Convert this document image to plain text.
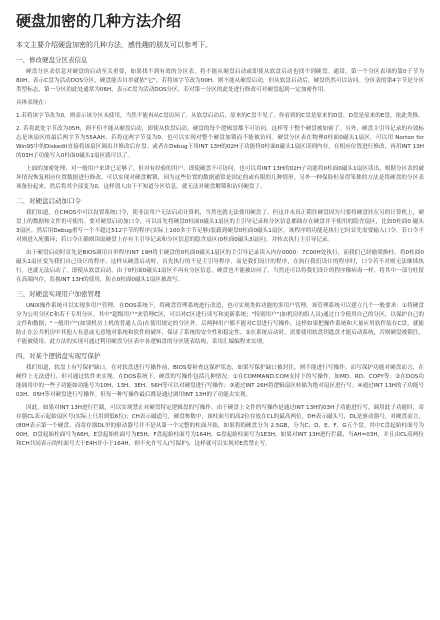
硬盘加密的几种方法介绍

本文主要介绍硬盘加密的几种方法，感性趣的朋友可以参考下。

一、修改硬盘分区表信息

硬盘分区表信息对硬盘的启动至关重要，如果找不到有效的分区表，将不能从硬盘启动或即使从软盘启动也找不到硬盘。通常，第一个分区表项的第0子节为80H，表示C盘为活动DOS分区，硬盘能否自举就依"它"。若将该字节改为00H，则不能从硬盘启动，但从软盘启动后，硬盘仍然可以访问。分区表的第4字节是分区类型标志，第一分区的此处通常为06H，表示C盘为活动DOS分区，若对第一分区的此处进行修改可对硬盘起到一定加密作用。

具体表现在：

1.若将该字节改为0，则表示该分区未使用，当然不能再从C盘访问了。从软盘启动后，原来的C盘不见了，你看到的C盘是原来的D盘，D盘是原来的E盘，依此类推。

2. 若将此处字节改为05H，则不但不能从硬盘启动，即使从软盘启动，硬盘的每个逻辑盘都不可访问，这样等于整个硬盘被加密了。另外，硬盘主引导记录的有效标志是该扇区的最后两字节为55AAH，若将这两字节变为0，也可以实现对整个硬盘加锁而不能被访问。硬盘分区表在物理0柱面0磁头1扇区，可以用 Norton for Win95中的Diskedit直接将该扇区调出并修改后存盘。或者在Debug下用INT 13H的02H子功能将0柱面0磁头1扇区读到内存，在相应位置进行修改，再用INT 13H的03H子功能写入0柱面0磁头1扇区就可以了。

上面的加密处理，对一般用户来讲已足够了。但对有经验的用户，即使硬盘不可访问，也可以用INT 13H的02H子功能将0柱面0磁头1扇区读出，根据分区表的破坏情况恢复相应位置数据进行修改，可以实现对硬盘解锁，因为这些位置的数据通常是固定的或有限的几种情形。另外一种保险但显得笨拙的方法是将硬盘的分区表项备份起来，然后将其全部变为0，这样别人由于不知道分区信息，就无法对硬盘解锁和访问硬盘了。

二、对硬盘启动加口令

我们知道，在CMOS中可以设置系统口令，使非法用户无法启动计算机，当然也就无法使用硬盘了。但这并未真正锁住硬盘因为只要将硬盘挂在另的计算机上，硬盘上的数据和文件仍可使用。要对硬盘启动加口令，可以首先将硬盘0柱面0磁头1扇区的主引导记录和分区信息都储存在硬盘并不使用的隐含扇区，比如0柱面0 磁头3扇区。然后用Debug重写一个不超过512字节的程序(实际上100多字节足够)装载到硬盘0柱面0磁头1扇区。该程序的功能是执行它时首先需要输入口令，若口令不对则进入死循环；若口令正确则读取硬盘上存有主引导记录和分区信息的隐含扇区(0柱面0磁头3扇区)，并转去执行主引导记录。

由于硬盘启动时首先是BIOS调用自举程序INT 19H将主硬盘的0柱面0磁头1扇区的主引导记录读入内存0000：7C00H处执行，而我们已经偷梁换柱，将0柱面0磁头1扇区变为我们自己设计的程序。这样从硬盘启动时，首先执行的不是主引导程序，而是我们设计的程序，在执行我们设计的程序时，口令若不对则无法继续执行，也就无法启动了。即使从软盘启动，由于0柱面0磁头1扇区不再有分区信息，硬盘也不能被访问了。当然还可以将我们设计的程序像病毒一样，将其中一部分驻留在高端内存，监视INT 13H的使用，防止0柱面0磁头1扇区被改写。

三、对硬盘实现用户加密管理

UNIX操作系统可以实现多用户管理，在DOS系统下，将硬盘管理系统进行改造，也可实现类似功能的多用户管理。该管理系统可以建立几个一般要求：①将硬盘分为公用分区C和若干专用分区。其中"超级用户"来管理C区，可以对C区进行读写和更新系统；"特别用户"(如机房的组人员)通过口令使用自己的分区，以保护自己的文件和数据；"一般用户"(如别机房上机的普通人员)在使用规定的分区外，后两种用户都不能对C盘进行写操作，这样如果把操作系统和大量应用软件装在C盘，就能防止在公共机房中其他人有意或无意地对系统和软件的破坏，保证了系统的安全性和稳定性。②在系统启动时，需要使用软盘钥匙盘才能启动系统，否则硬盘被锁住，不能被使用。此方法的实现可通过利用硬盘分区表中各逻辑盘的分区链表结构，采用汇编编程来实现。

四、对某个逻辑盘实现写保护

我们知道，软盘上有写保护缺口，在对软盘进行写操作前，BIOS要检查这保护状态，如果写保护缺口被封住，则不能进行写操作。而写保护功能对硬盘而言，在硬件上无法进行，但可通过软件来实现。在DOS系统下，硬盘的写操作包括几种情况：①在COMMAND.COM支持下的写操作，如MD、RD、COPY等；②在DOS功能调用中的一些子功能如功能号为10H、13H、3EH、56H等可以对硬盘进行写操作；③通过INT 26H将逻辑扇区转储为绝对扇区进行写；④通过INT 13H的子功能号03H、05H等对硬盘进行写操作。但每一种写操作最后都是通过调用INT 13H的子功能去实现。

因此，如果对INT 13H进行拦截，可以实现禁止对硬盘特定逻辑盘的写操作。由于硬盘上文件的写操作是通过INT 13H的03H子功能进行写，调用此子功能时，寄存器CL表示起始扇区号(实际上只用到低6位)；CH表示磁道号，硬盘参数中，该柱面号的高2位存放在CL的最高两位，DH表示磁头号，DL是驱动器号，对硬盘而言，(80H表示第一个硬盘，而寄存器DL里的驱动器号并不是从第一个完整的柱面开始，如果将的硬盘分为 2.5GB，分为C、D、E、F、G五个盘。其中C盘起始柱面号为00H，D盘起始柱面号为66H，E盘起始柱面号为E5H，F盘起始柱面号为164H，G盘起始柱面号为1E3H，如果对INT 13H进行拦截，当AH=03H，并且由CL高两位和CH共同表示的柱面号大于E4H并小于164H，则不允许写入(写保护)，这样就可以实现对E盘禁止写。
